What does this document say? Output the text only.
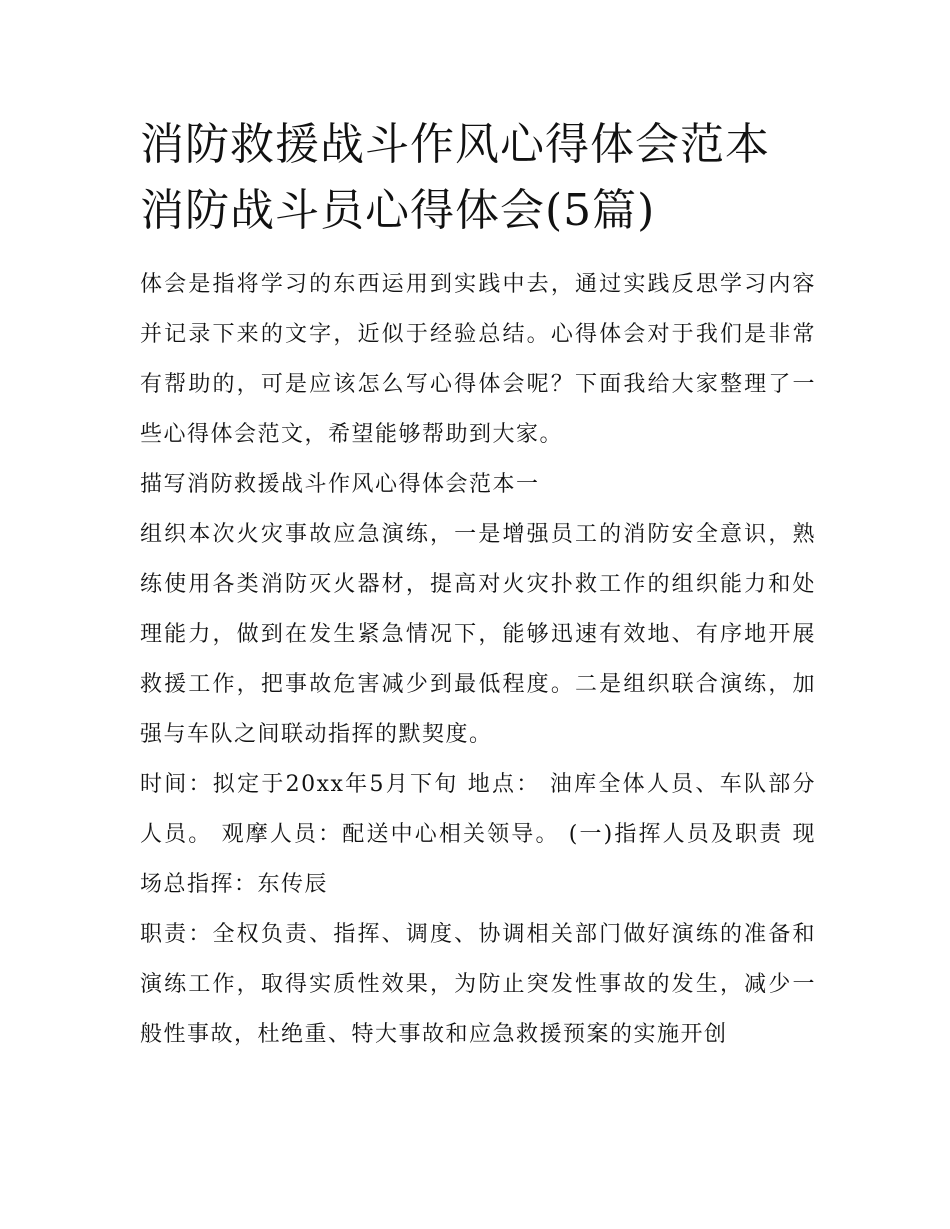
消防救援战斗作风心得体会范本 消防战斗员心得体会(5篇)

体会是指将学习的东西运用到实践中去，通过实践反思学习内容并记录下来的文字，近似于经验总结。心得体会对于我们是非常有帮助的，可是应该怎么写心得体会呢？下面我给大家整理了一些心得体会范文，希望能够帮助到大家。

描写消防救援战斗作风心得体会范本一

组织本次火灾事故应急演练，一是增强员工的消防安全意识，熟练使用各类消防灭火器材，提高对火灾扑救工作的组织能力和处理能力，做到在发生紧急情况下，能够迅速有效地、有序地开展救援工作，把事故危害减少到最低程度。二是组织联合演练，加强与车队之间联动指挥的默契度。

时间：拟定于20xx年5月下旬 地点： 油库全体人员、车队部分人员。 观摩人员：配送中心相关领导。 (一)指挥人员及职责 现场总指挥：东传辰

职责：全权负责、指挥、调度、协调相关部门做好演练的准备和演练工作，取得实质性效果，为防止突发性事故的发生，减少一般性事故，杜绝重、特大事故和应急救援预案的实施开创
